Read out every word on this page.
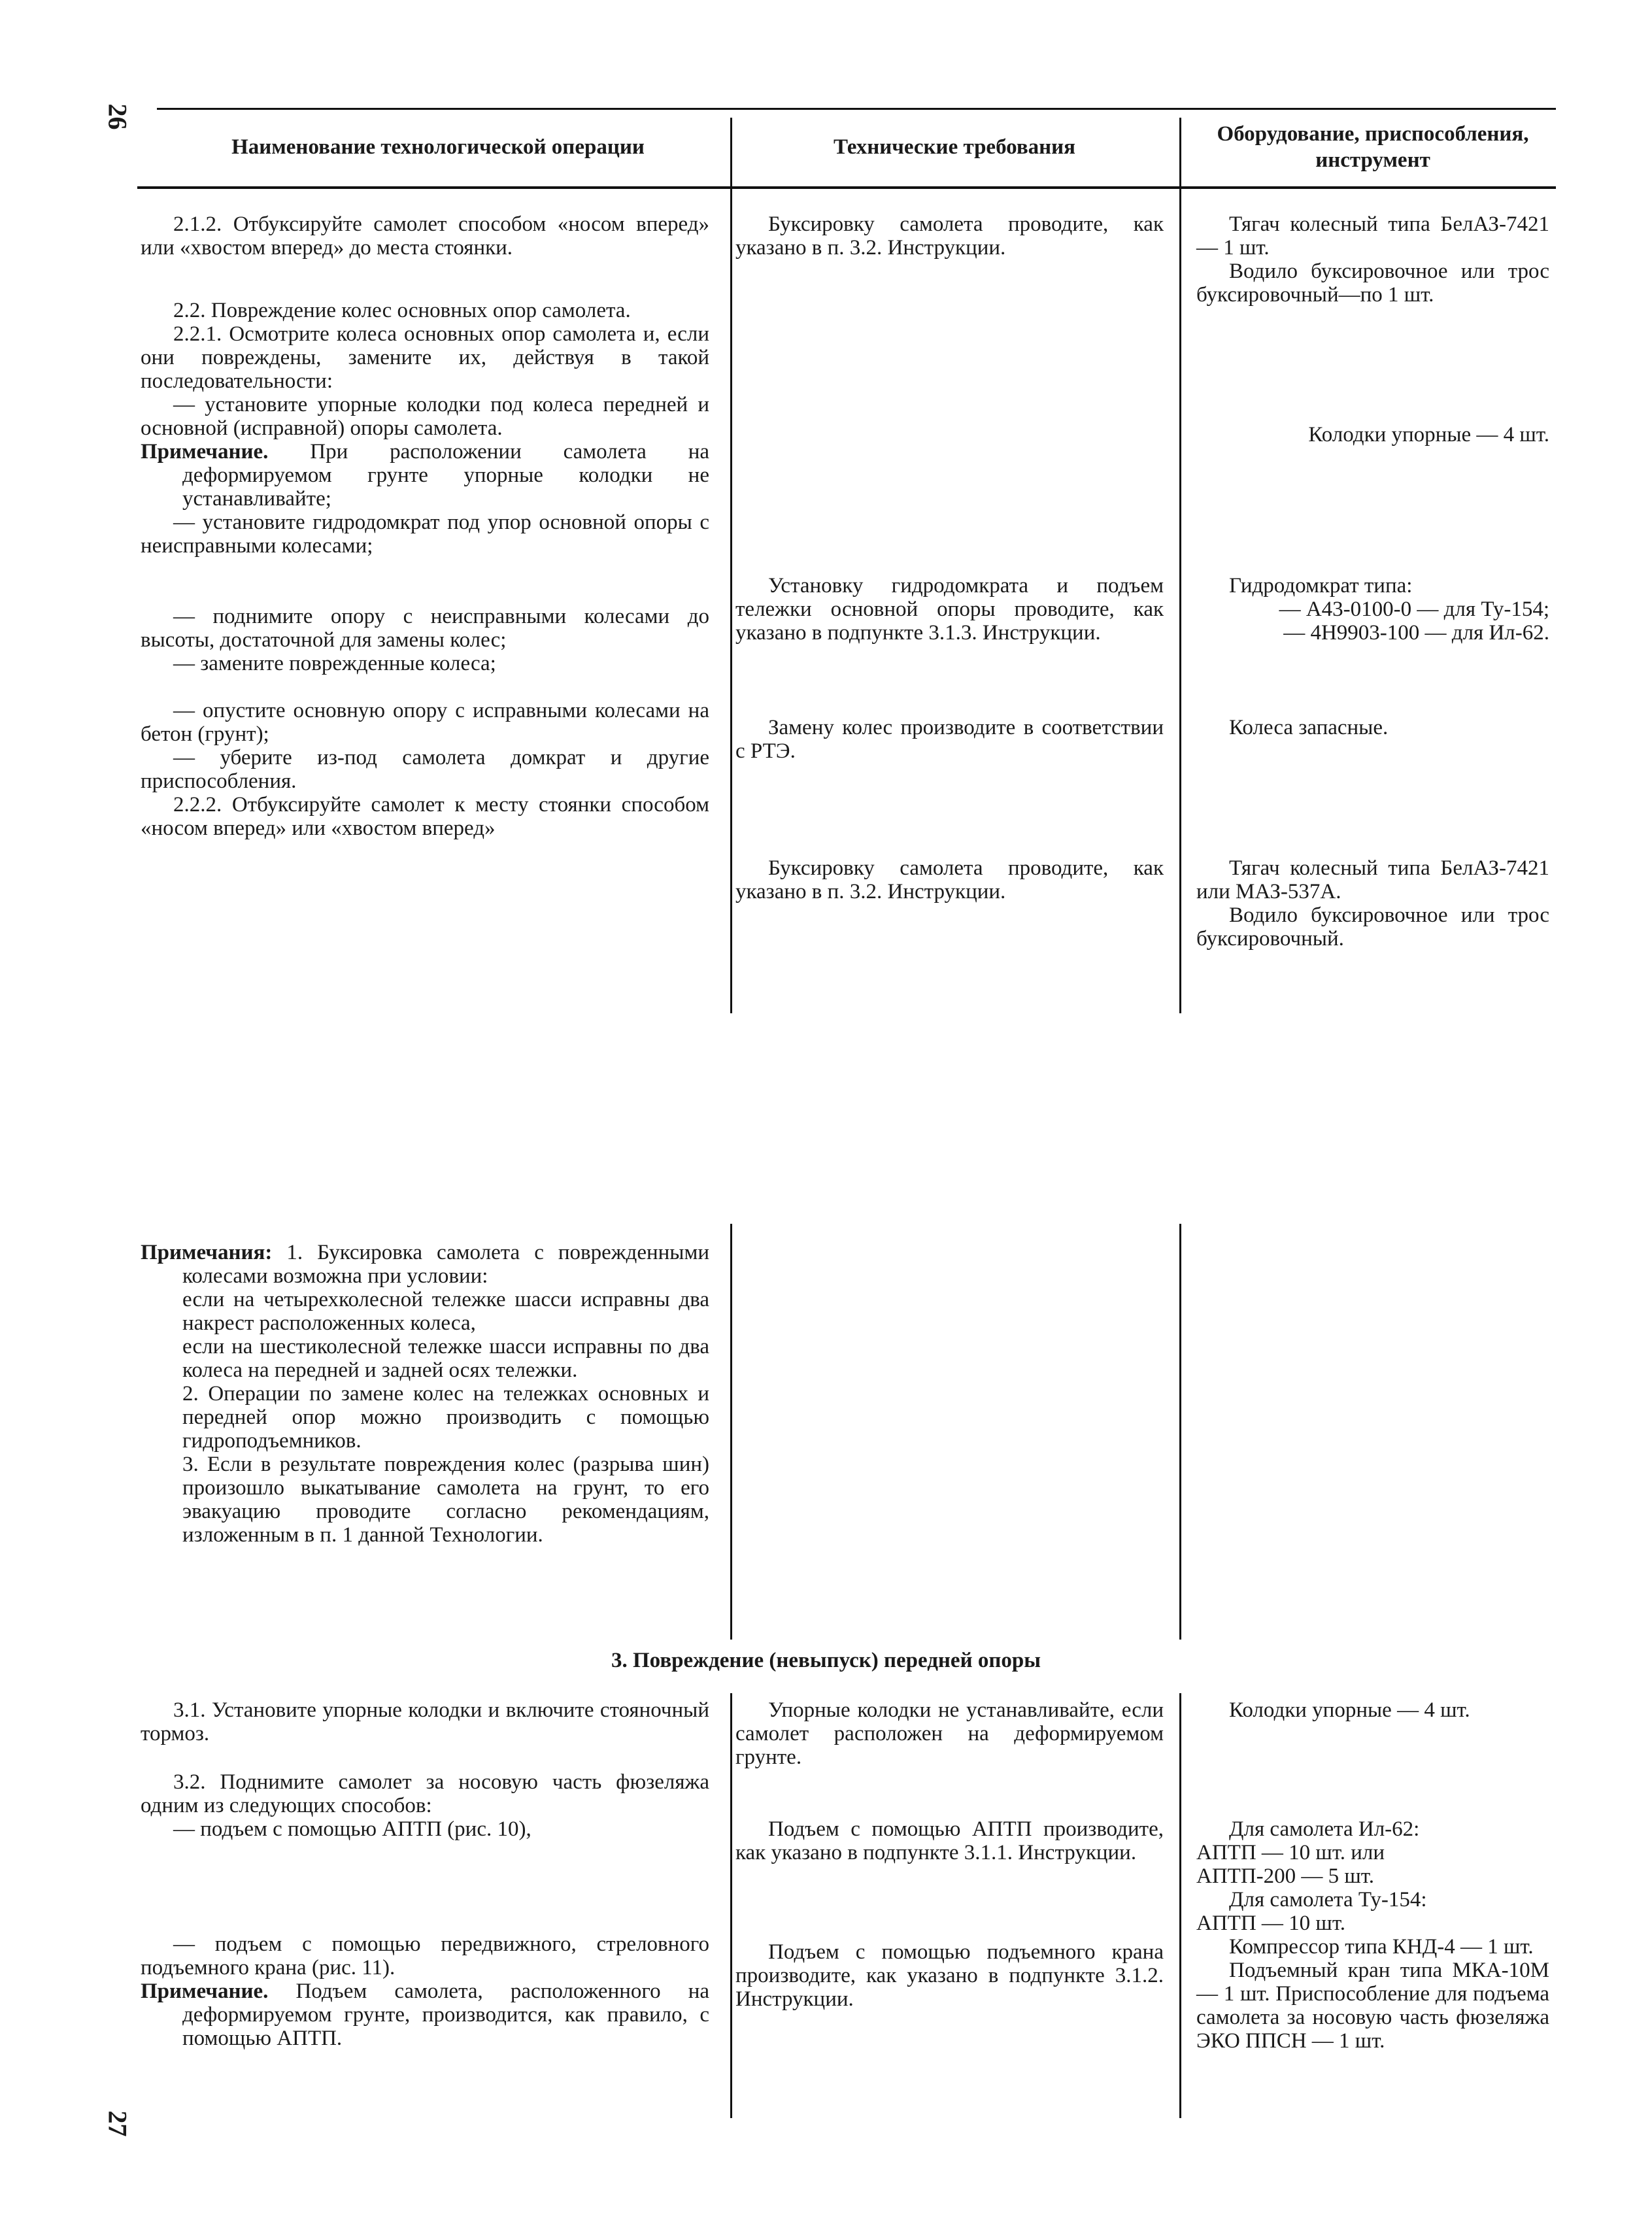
26
27
Наименование технологической операции	Технические требования
Оборудование, приспособления, инструмент

2.1.2. Отбуксируйте самолет способом «носом вперед» или «хвостом вперед» до места стоянки.

2.2. Повреждение колес основных опор самолета.

2.2.1. Осмотрите колеса основных опор самолета и, если они повреждены, замените их, действуя в такой последовательности:

— установите упорные колодки под колеса передней и основной (исправной) опоры самолета.

Примечание. При расположении самолета на деформируемом грунте упорные колодки не устанавливайте;

— установите гидродомкрат под упор основной опоры с неисправными колесами;

— поднимите опору с неисправными колесами до высоты, достаточной для замены колес;

— замените поврежденные колеса;

— опустите основную опору с исправными колесами на бетон (грунт);

— уберите из-под самолета домкрат и другие приспособления.

2.2.2. Отбуксируйте самолет к месту стоянки способом «носом вперед» или «хвостом вперед»

Буксировку самолета проводите, как указано в п. 3.2. Инструкции.

Установку гидродомкрата и подъем тележки основной опоры проводите, как указано в подпункте 3.1.3. Инструкции.

Замену колес производите в соответствии с РТЭ.

Буксировку самолета проводите, как указано в п. 3.2. Инструкции.

Тягач колесный типа БелАЗ-7421 — 1 шт.

Водило буксировочное или трос буксировочный—по 1 шт.

Колодки упорные — 4 шт.

Гидродомкрат типа:

— А43-0100-0 — для Ту-154;

— 4Н9903-100 — для Ил-62.

Колеса запасные.

Тягач колесный типа БелАЗ-7421 или МАЗ-537А.

Водило буксировочное или трос буксировочный.

Примечания: 1. Буксировка самолета с поврежденными колесами возможна при условии:

если на четырехколесной тележке шасси исправны два накрест расположенных колеса,

если на шестиколесной тележке шасси исправны по два колеса на передней и задней осях тележки.

2. Операции по замене колес на тележках основных и передней опор можно производить с помощью гидроподъемников.

3. Если в результате повреждения колес (разрыва шин) произошло выкатывание самолета на грунт, то его эвакуацию проводите согласно рекомендациям, изложенным в п. 1 данной Технологии.

3. Повреждение (невыпуск) передней опоры

3.1. Установите упорные колодки и включите стояночный тормоз.

3.2. Поднимите самолет за носовую часть фюзеляжа одним из следующих способов:

— подъем с помощью АПТП (рис. 10),

— подъем с помощью передвижного, стреловного подъемного крана (рис. 11).

Примечание. Подъем самолета, расположенного на деформируемом грунте, производится, как правило, с помощью АПТП.

Упорные колодки не устанавливайте, если самолет расположен на деформируемом грунте.

Подъем с помощью АПТП производите, как указано в подпункте 3.1.1. Инструкции.

Подъем с помощью подъемного крана производите, как указано в подпункте 3.1.2. Инструкции.

Колодки упорные — 4 шт.

Для самолета Ил-62:

АПТП — 10 шт. или

АПТП-200 — 5 шт.

Для самолета Ту-154:

АПТП — 10 шт.

Компрессор типа КНД-4 — 1 шт.

Подъемный кран типа МКА-10М — 1 шт. Приспособление для подъема самолета за носовую часть фюзеляжа ЭКО ППСН — 1 шт.
